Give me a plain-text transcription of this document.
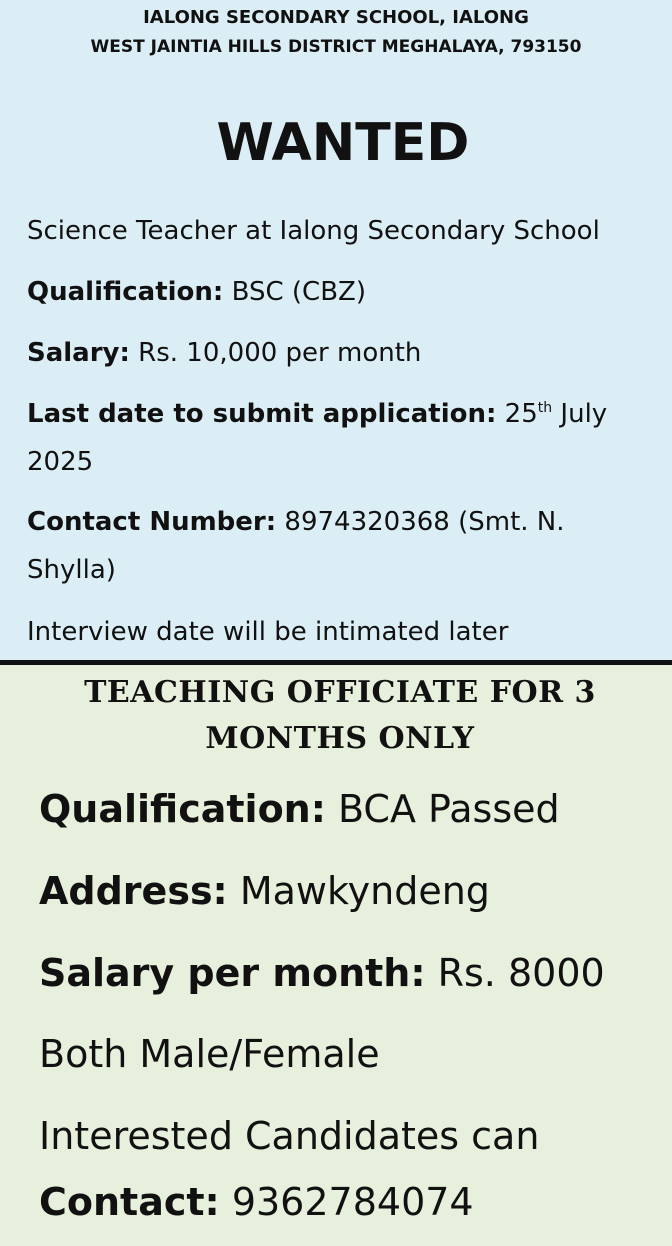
IALONG SECONDARY SCHOOL, IALONG
WEST JAINTIA HILLS DISTRICT MEGHALAYA, 793150
WANTED
Science Teacher at Ialong Secondary School
Qualification: BSC (CBZ)
Salary: Rs. 10,000 per month
Last date to submit application: 25th July
2025
Contact Number: 8974320368 (Smt. N.
Shylla)
Interview date will be intimated later
TEACHING OFFICIATE FOR 3
MONTHS ONLY
Qualification: BCA Passed
Address: Mawkyndeng
Salary per month: Rs. 8000
Both Male/Female
Interested Candidates can
Contact: 9362784074
